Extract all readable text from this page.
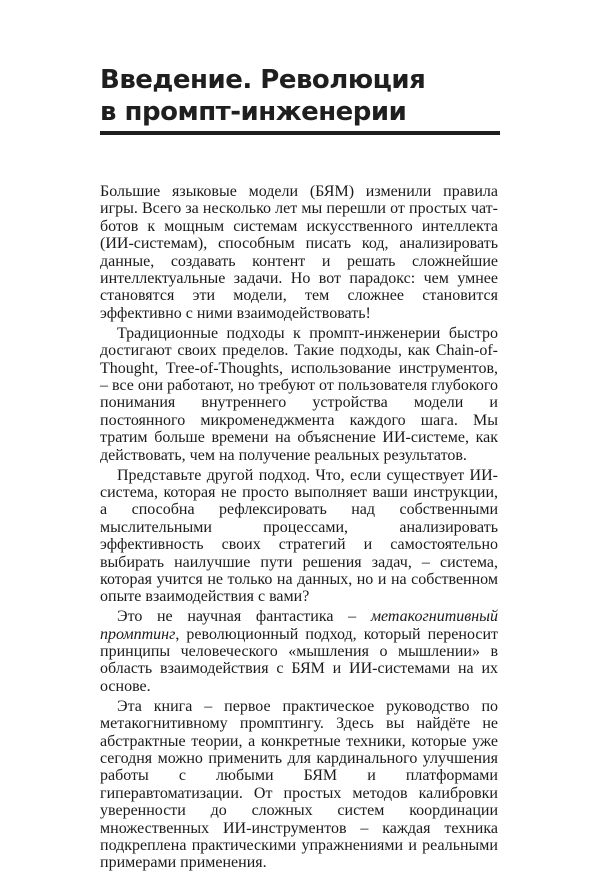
Введение. Революция
в промпт-инженерии

Большие языковые модели (БЯМ) изменили правила игры. Всего за несколько лет мы перешли от простых чат-ботов к мощным системам искусственного интеллекта (ИИ-системам), способным писать код, анализировать данные, создавать контент и решать сложнейшие интеллектуальные задачи. Но вот парадокс: чем умнее становятся эти модели, тем сложнее становится эффективно с ними взаимодействовать!

Традиционные подходы к промпт-инженерии быстро достигают своих пределов. Такие подходы, как Chain-of-Thought, Tree-of-Thoughts, использование инструментов, – все они работают, но требуют от пользователя глубокого понимания внутреннего устройства модели и постоянного микроменеджмента каждого шага. Мы тратим больше времени на объяснение ИИ-системе, как действовать, чем на получение реальных результатов.

Представьте другой подход. Что, если существует ИИ-система, которая не просто выполняет ваши инструкции, а способна рефлексировать над собственными мыслительными процессами, анализировать эффективность своих стратегий и самостоятельно выбирать наилучшие пути решения задач, – система, которая учится не только на данных, но и на собственном опыте взаимодействия с вами?

Это не научная фантастика – метакогнитивный промптинг, революционный подход, который переносит принципы человеческого «мышления о мышлении» в область взаимодействия с БЯМ и ИИ-системами на их основе.

Эта книга – первое практическое руководство по метакогнитивному промптингу. Здесь вы найдёте не абстрактные теории, а конкретные техники, которые уже сегодня можно применить для кардинального улучшения работы с любыми БЯМ и платформами гиперавтоматизации. От простых методов калибровки уверенности до сложных систем координации множественных ИИ-инструментов – каждая техника подкреплена практическими упражнениями и реальными примерами применения.
